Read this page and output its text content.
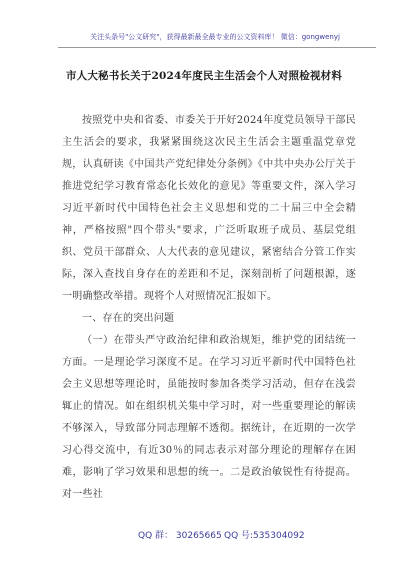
关注头条号"公文研究"，获得最新最全最专业的公文资料库！ 微信：gongwenyj
市人大秘书长关于2024年度民主生活会个人对照检视材料

按照党中央和省委、市委关于开好2024年度党员领导干部民主生活会的要求，我紧紧围绕这次民主生活会主题重温党章党规，认真研读《中国共产党纪律处分条例》《中共中央办公厅关于推进党纪学习教育常态化长效化的意见》等重要文件，深入学习习近平新时代中国特色社会主义思想和党的二十届三中全会精神，严格按照"四个带头"要求，广泛听取班子成员、基层党组织、党员干部群众、人大代表的意见建议，紧密结合分管工作实际，深入查找自身存在的差距和不足，深刻剖析了问题根源，逐一明确整改举措。现将个人对照情况汇报如下。

一、存在的突出问题

（一）在带头严守政治纪律和政治规矩，维护党的团结统一方面。一是理论学习深度不足。在学习习近平新时代中国特色社会主义思想等理论时，虽能按时参加各类学习活动，但存在浅尝辄止的情况。如在组织机关集中学习时，对一些重要理论的解读不够深入，导致部分同志理解不透彻。据统计，在近期的一次学习心得交流中，有近30％的同志表示对部分理论的理解存在困难，影响了学习效果和思想的统一。二是政治敏锐性有待提高。对一些社

QQ 群： 30265665 QQ 号:535304092
